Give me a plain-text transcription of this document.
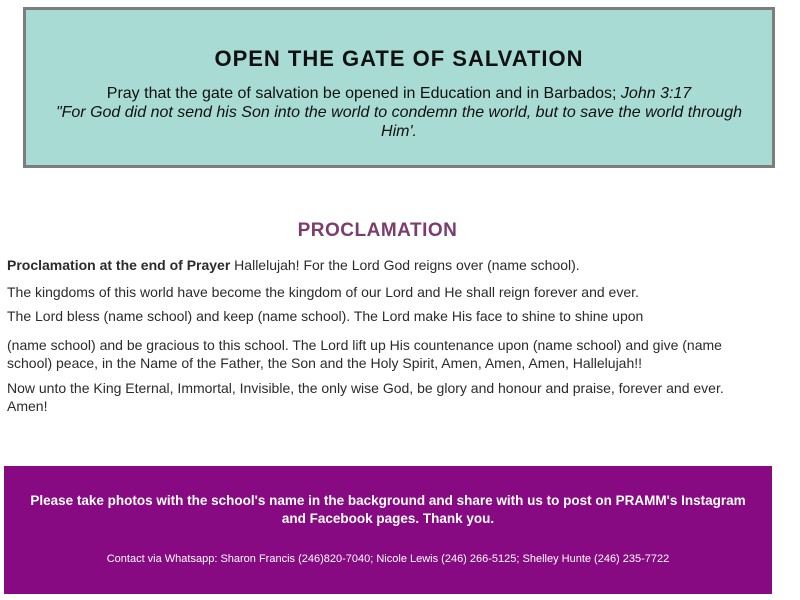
OPEN THE GATE OF SALVATION
Pray that the gate of salvation be opened in Education and in Barbados; John 3:17
"For God did not send his Son into the world to condemn the world, but to save the world through Him'.
PROCLAMATION

Proclamation at the end of Prayer Hallelujah! For the Lord God reigns over (name school).

The kingdoms of this world have become the kingdom of our Lord and He shall reign forever and ever.

The Lord bless (name school) and keep (name school). The Lord make His face to shine to shine upon

(name school) and be gracious to this school. The Lord lift up His countenance upon (name school) and give (name school) peace, in the Name of the Father, the Son and the Holy Spirit, Amen, Amen, Amen, Hallelujah!!

Now unto the King Eternal, Immortal, Invisible, the only wise God, be glory and honour and praise, forever and ever. Amen!

Please take photos with the school's name in the background and share with us to post on PRAMM's Instagram and Facebook pages. Thank you.
Contact via Whatsapp: Sharon Francis (246)820-7040; Nicole Lewis (246) 266-5125; Shelley Hunte (246) 235-7722
